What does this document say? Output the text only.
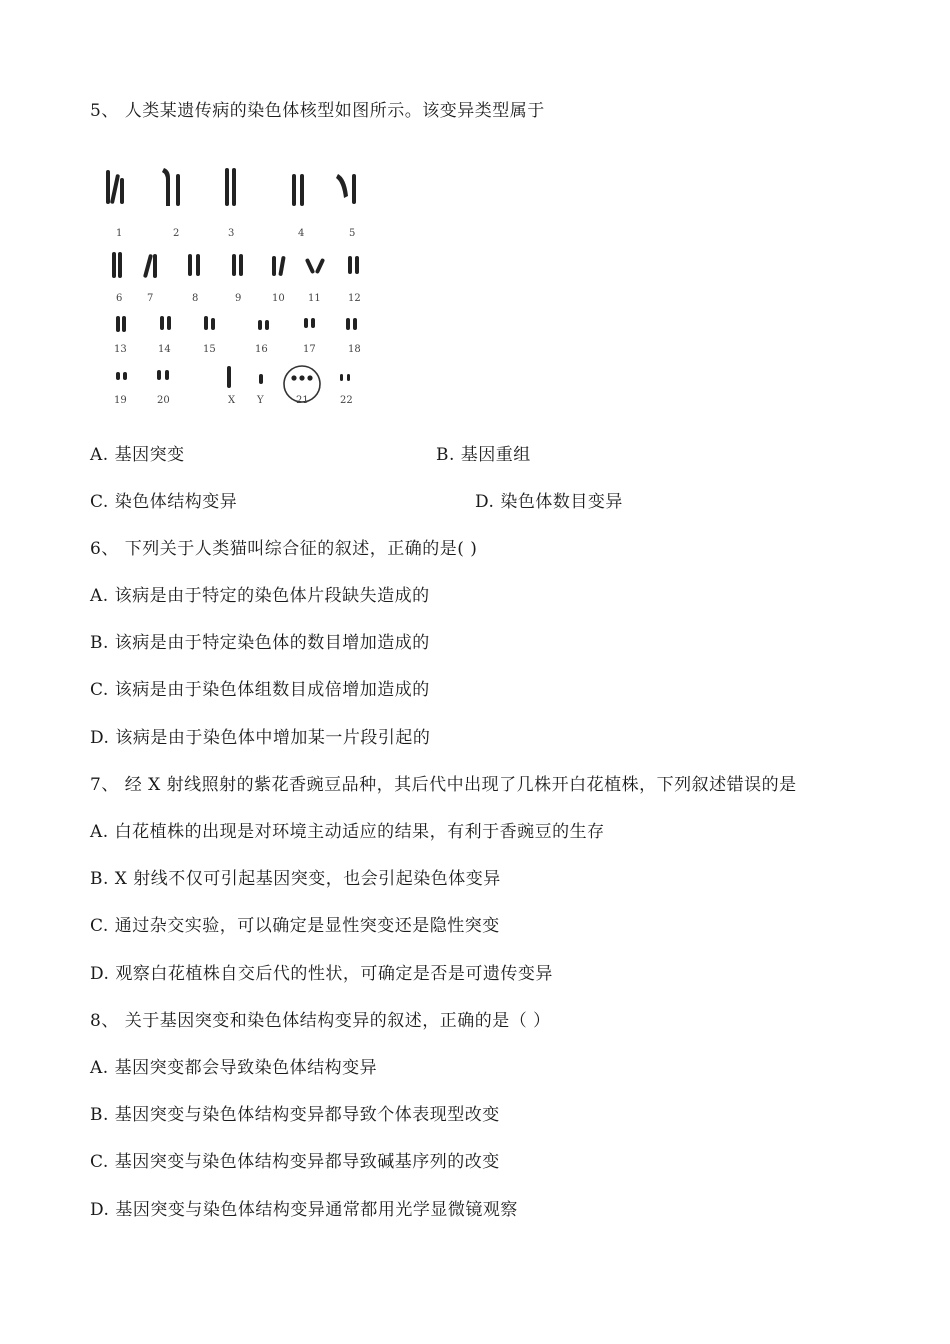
5、 人类某遗传病的染色体核型如图所示。该变异类型属于
1	2	3	4	5
6 7	8	9	10 11	12
13	14	15	16	17	18
19	20	X Y	21	22
A. 基因突变	B. 基因重组
C. 染色体结构变异	D. 染色体数目变异
6、 下列关于人类猫叫综合征的叙述，正确的是( )
A. 该病是由于特定的染色体片段缺失造成的
B. 该病是由于特定染色体的数目增加造成的
C. 该病是由于染色体组数目成倍增加造成的
D. 该病是由于染色体中增加某一片段引起的
7、 经 X 射线照射的紫花香豌豆品种，其后代中出现了几株开白花植株，下列叙述错误的是
A. 白花植株的出现是对环境主动适应的结果，有利于香豌豆的生存
B. X 射线不仅可引起基因突变，也会引起染色体变异
C. 通过杂交实验，可以确定是显性突变还是隐性突变
D. 观察白花植株自交后代的性状，可确定是否是可遗传变异
8、 关于基因突变和染色体结构变异的叙述，正确的是（ ）
A. 基因突变都会导致染色体结构变异
B. 基因突变与染色体结构变异都导致个体表现型改变
C. 基因突变与染色体结构变异都导致碱基序列的改变
D. 基因突变与染色体结构变异通常都用光学显微镜观察
